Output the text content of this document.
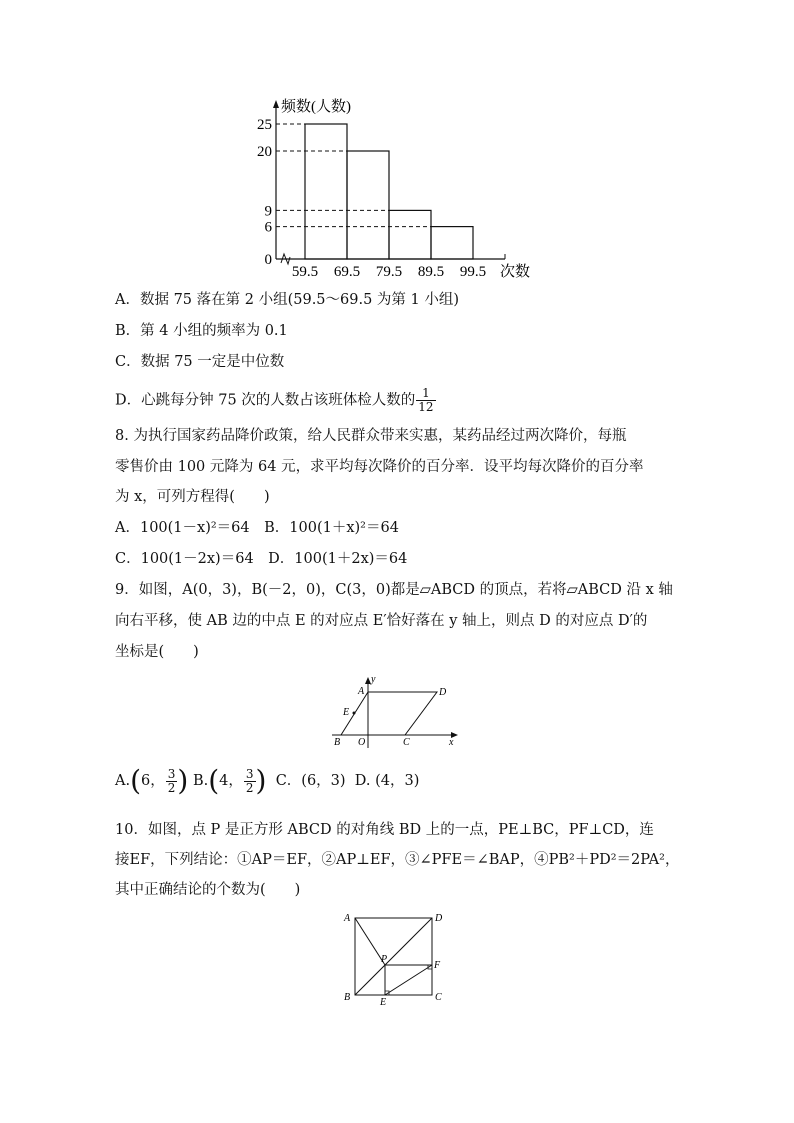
25
20
9
6
0
59.5 69.5 79.5 89.5 99.5
频数(人数)
次数
A．数据 75 落在第 2 小组(59.5～69.5 为第 1 小组)
B．第 4 小组的频率为 0.1
C．数据 75 一定是中位数
D．心跳每分钟 75 次的人数占该班体检人数的 $\frac{1}{12}$
8. 为执行国家药品降价政策，给人民群众带来实惠，某药品经过两次降价，每瓶
零售价由 100 元降为 64 元，求平均每次降价的百分率．设平均每次降价的百分率
为 x，可列方程得(　　)
A．100(1－x)²＝64　B．100(1＋x)²＝64
C．100(1－2x)＝64　D．100(1＋2x)＝64
9．如图，A(0，3)，B(－2，0)，C(3，0)都是▱ABCD 的顶点，若将▱ABCD 沿 x 轴
向右平移，使 AB 边的中点 E 的对应点 E′恰好落在 y 轴上，则点 D 的对应点 D′的
坐标是(　　)
y
A	D
E
B O	C	x
A.(6， $\frac{3}{2}$ ) B.(4， $\frac{3}{2}$ ) C．(6，3) D. (4，3)
10．如图，点 P 是正方形 ABCD 的对角线 BD 上的一点，PE⊥BC，PF⊥CD，连
接EF，下列结论：①AP＝EF，②AP⊥EF，③∠PFE＝∠BAP，④PB²＋PD²＝2PA²，
其中正确结论的个数为(　　)
A	D
B	C
E
F
P
